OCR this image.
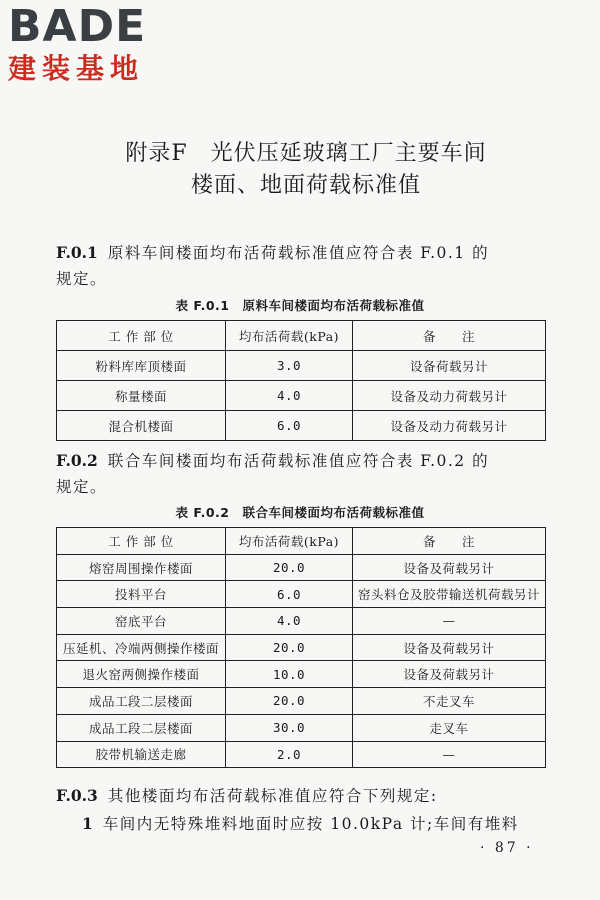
BADE
建装基地
附录F　光伏压延玻璃工厂主要车间
楼面、地面荷载标准值
F.0.1 原料车间楼面均布活荷载标准值应符合表 F.0.1 的
规定。
表 F.0.1　原料车间楼面均布活荷载标准值
工 作 部 位	均布活荷载(kPa)	备　　注
粉料库库顶楼面	3.0	设备荷载另计
称量楼面	4.0	设备及动力荷载另计
混合机楼面	6.0	设备及动力荷载另计
F.0.2 联合车间楼面均布活荷载标准值应符合表 F.0.2 的
规定。
表 F.0.2　联合车间楼面均布活荷载标准值
工 作 部 位	均布活荷载(kPa)	备　　注
熔窑周围操作楼面	20.0	设备及荷载另计
投料平台	6.0	窑头料仓及胶带输送机荷载另计
窑底平台	4.0	—
压延机、冷端两侧操作楼面	20.0	设备及荷载另计
退火窑两侧操作楼面	10.0	设备及荷载另计
成品工段二层楼面	20.0	不走叉车
成品工段二层楼面	30.0	走叉车
胶带机输送走廊	2.0	—
F.0.3 其他楼面均布活荷载标准值应符合下列规定:
1 车间内无特殊堆料地面时应按 10.0kPa 计;车间有堆料
· 87 ·
